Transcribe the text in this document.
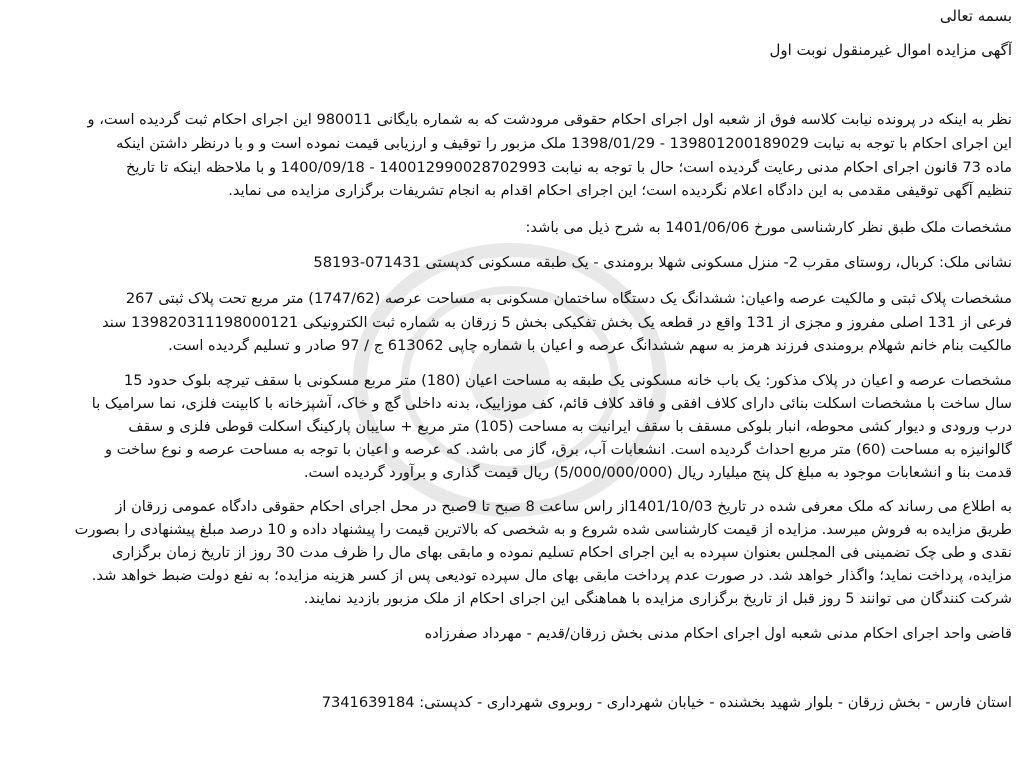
بسمه تعالی
آگهی مزایده اموال غیرمنقول نوبت اول
نظر به اینکه در پرونده نیابت کلاسه فوق از شعبه اول اجرای احکام حقوقی مرودشت که به شماره بایگانی 980011 این اجرای احکام ثبت گردیده است، و
این اجرای احکام با توجه به نیابت 139801200189029 - 1398/01/29 ملک مزبور را توقیف و ارزیابی قیمت نموده است و و با درنظر داشتن اینکه
ماده 73 قانون اجرای احکام مدنی رعایت گردیده است؛ حال با توجه به نیابت 140012990028702993 - 1400/09/18 و با ملاحظه اینکه تا تاریخ
تنظیم آگهی توقیفی مقدمی به این دادگاه اعلام نگردیده است؛ این اجرای احکام اقدام به انجام تشریفات برگزاری مزایده می نماید.
مشخصات ملک طبق نظر کارشناسی مورخ 1401/06/06 به شرح ذیل می باشد:
نشانی ملک: کربال، روستای مقرب 2- منزل مسکونی شهلا برومندی - یک طبقه مسکونی کدپستی 071431-58193
مشخصات پلاک ثبتی و مالکیت عرصه واعیان: ششدانگ یک دستگاه ساختمان مسکونی به مساحت عرصه (1747/62) متر مربع تحت پلاک ثبتی 267
فرعی از 131 اصلی مفروز و مجزی از 131 واقع در قطعه یک بخش تفکیکی بخش 5 زرقان به شماره ثبت الکترونیکی 139820311198000121 سند
مالکیت بنام خانم شهلام برومندی فرزند هرمز به سهم ششدانگ عرصه و اعیان با شماره چاپی 613062 ج / 97 صادر و تسلیم گردیده است.
مشخصات عرصه و اعیان در پلاک مذکور: یک باب خانه مسکونی یک طبقه به مساحت اعیان (180) متر مربع مسکونی با سقف تیرچه بلوک حدود 15
سال ساخت با مشخصات اسکلت بنائی دارای کلاف افقی و فاقد کلاف قائم، کف موزاییک، بدنه داخلی گچ و خاک، آشپزخانه با کابینت فلزی، نما سرامیک با
درب ورودی و دیوار کشی محوطه، انبار بلوکی مسقف با سقف ایرانیت به مساحت (105) متر مربع + سایبان پارکینگ اسکلت قوطی فلزی و سقف
گالوانیزه به مساحت (60) متر مربع احداث گردیده است. انشعابات آب، برق، گاز می باشد. که عرصه و اعیان با توجه به مساحت عرصه و نوع ساخت و
قدمت بنا و انشعابات موجود به مبلغ کل پنج میلیارد ریال (5/000/000/000) ریال قیمت گذاری و برآورد گردیده است.
به اطلاع می رساند که ملک معرفی شده در تاریخ 1401/10/03از راس ساعت 8 صبح تا 9صبح در محل اجرای احکام حقوقی دادگاه عمومی زرقان از
طریق مزایده به فروش میرسد. مزایده از قیمت کارشناسی شده شروع و به شخصی که بالاترین قیمت را پیشنهاد داده و 10 درصد مبلغ پیشنهادی را بصورت
نقدی و طی چک تضمینی فی المجلس بعنوان سپرده به این اجرای احکام تسلیم نموده و مابقی بهای مال را ظرف مدت 30 روز از تاریخ زمان برگزاری
مزایده، پرداخت نماید؛ واگذار خواهد شد. در صورت عدم پرداخت مابقی بهای مال سپرده تودیعی پس از کسر هزینه مزایده؛ به نفع دولت ضبط خواهد شد.
شرکت کنندگان می توانند 5 روز قبل از تاریخ برگزاری مزایده با هماهنگی این اجرای احکام از ملک مزبور بازدید نمایند.
قاضی واحد اجرای احکام مدنی شعبه اول اجرای احکام مدنی بخش زرقان/قدیم - مهرداد صفرزاده
استان فارس - بخش زرقان - بلوار شهید بخشنده - خیابان شهرداری - روبروی شهرداری - کدپستی: 7341639184
